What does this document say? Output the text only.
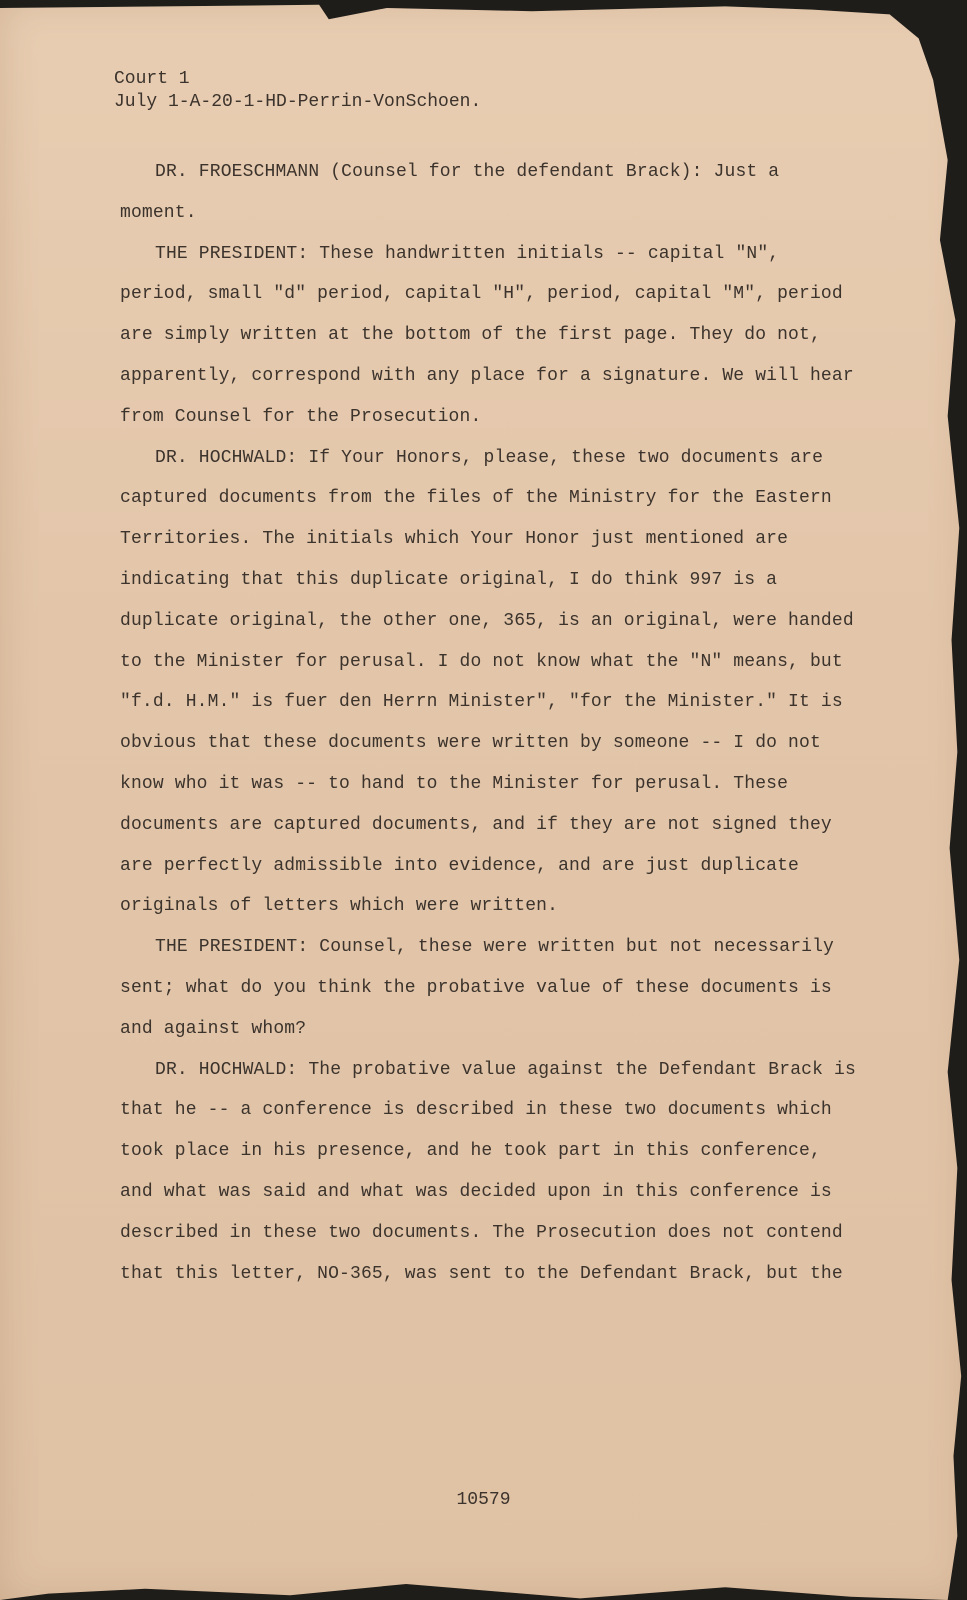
Court 1
July 1-A-20-1-HD-Perrin-VonSchoen.

DR. FROESCHMANN (Counsel for the defendant Brack): Just a moment.

THE PRESIDENT: These handwritten initials -- capital "N", period, small "d" period, capital "H", period, capital "M", period are simply written at the bottom of the first page. They do not, apparently, correspond with any place for a signature. We will hear from Counsel for the Prosecution.

DR. HOCHWALD: If Your Honors, please, these two documents are captured documents from the files of the Ministry for the Eastern Territories. The initials which Your Honor just mentioned are indicating that this duplicate original, I do think 997 is a duplicate original, the other one, 365, is an original, were handed to the Minister for perusal. I do not know what the "N" means, but "f.d. H.M." is fuer den Herrn Minister", "for the Minister." It is obvious that these documents were written by someone -- I do not know who it was -- to hand to the Minister for perusal. These documents are captured documents, and if they are not signed they are perfectly admissible into evidence, and are just duplicate originals of letters which were written.

THE PRESIDENT: Counsel, these were written but not necessarily sent; what do you think the probative value of these documents is and against whom?

DR. HOCHWALD: The probative value against the Defendant Brack is that he -- a conference is described in these two documents which took place in his presence, and he took part in this conference, and what was said and what was decided upon in this conference is described in these two documents. The Prosecution does not contend that this letter, NO-365, was sent to the Defendant Brack, but the

10579
